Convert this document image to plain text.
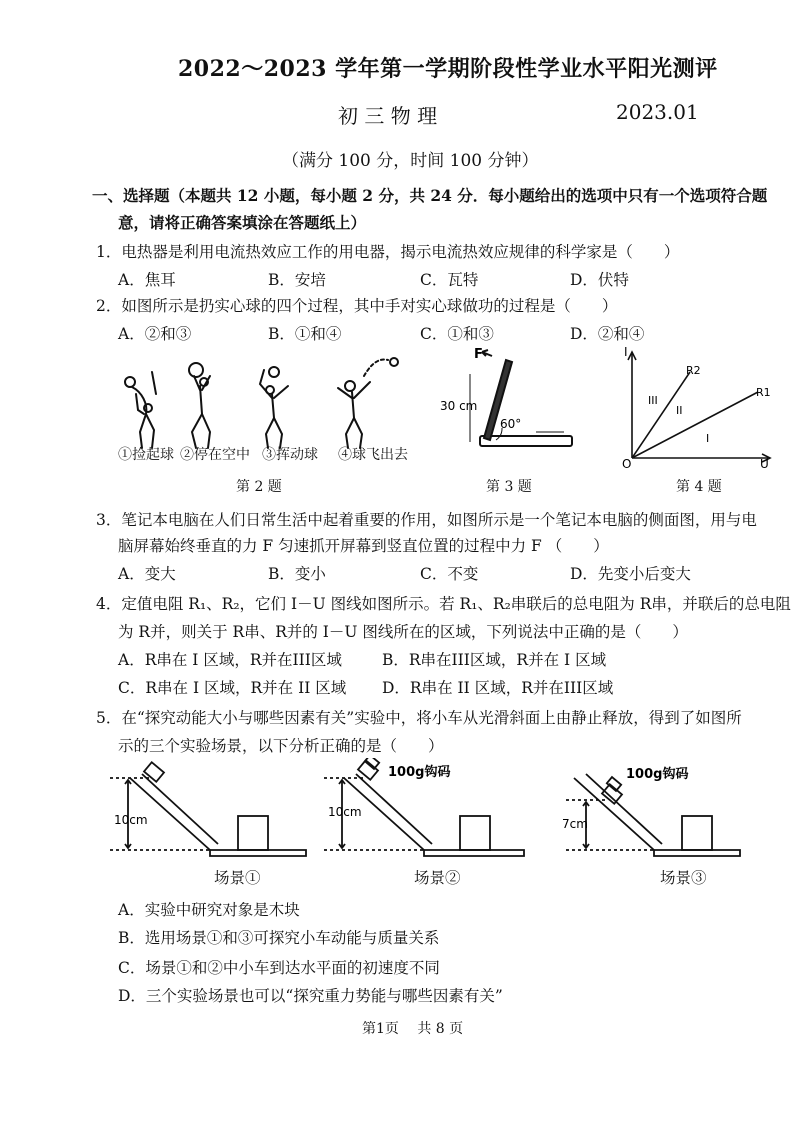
2022～2023 学年第一学期阶段性学业水平阳光测评
初 三 物 理	2023.01
（满分 100 分，时间 100 分钟）
一、选择题（本题共 12 小题，每小题 2 分，共 24 分．每小题给出的选项中只有一个选项符合题
意，请将正确答案填涂在答题纸上）
1．电热器是利用电流热效应工作的用电器，揭示电流热效应规律的科学家是（　　）
A．焦耳	B．安培	C．瓦特	D．伏特
2．如图所示是扔实心球的四个过程，其中手对实心球做功的过程是（　　）
A．②和③	B．①和④	C．①和③	D．②和④
①捡起球 ②停在空中 ③挥动球 ④球飞出去
第 2 题
F
30 cm
60°
第 3 题
I
U
O
R2
R1
III
II
I
第 4 题
3．笔记本电脑在人们日常生活中起着重要的作用，如图所示是一个笔记本电脑的侧面图，用与电
脑屏幕始终垂直的力 F 匀速抓开屏幕到竖直位置的过程中力 F （　　）
A．变大	B．变小	C．不变	D．先变小后变大
4．定值电阻 R₁、R₂，它们 I－U 图线如图所示。若 R₁、R₂串联后的总电阻为 R串，并联后的总电阻
为 R并，则关于 R串、R并的 I－U 图线所在的区域，下列说法中正确的是（　　）
A．R串在 I 区域，R并在III区域	B．R串在III区域，R并在 I 区域
C．R串在 I 区域，R并在 II 区域 D．R串在 II 区域，R并在III区域
5．在“探究动能大小与哪些因素有关”实验中，将小车从光滑斜面上由静止释放，得到了如图所
示的三个实验场景，以下分析正确的是（　　）
10cm
10cm
7cm
100g钩码	100g钩码
场景①	场景②	场景③
A．实验中研究对象是木块
B．选用场景①和③可探究小车动能与质量关系
C．场景①和②中小车到达水平面的初速度不同
D．三个实验场景也可以“探究重力势能与哪些因素有关”
第1页　 共 8 页
